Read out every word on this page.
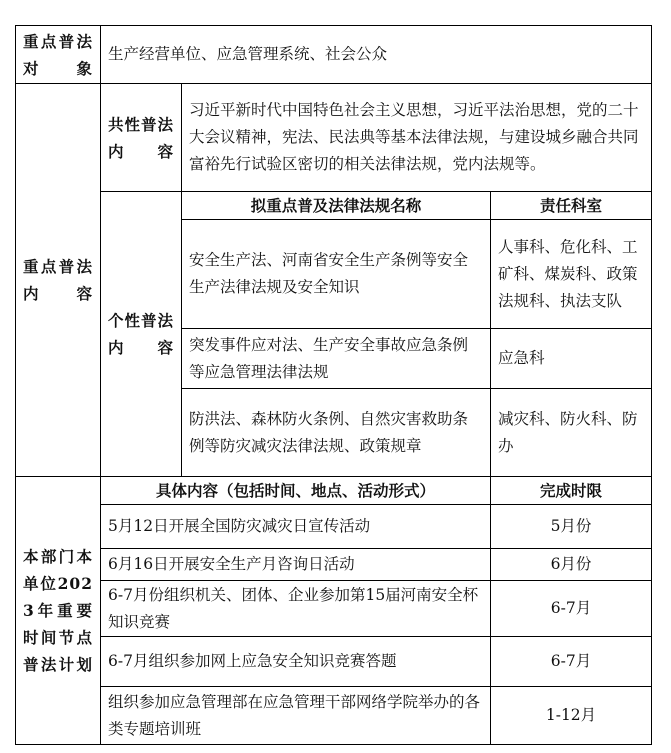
重点普法对象	生产经营单位、应急管理系统、社会公众		
重点普法内容	共性普法内容	习近平新时代中国特色社会主义思想，习近平法治思想，党的二十大会议精神，宪法、民法典等基本法律法规，与建设城乡融合共同富裕先行试验区密切的相关法律法规，党内法规等。	
	个性普法内容	拟重点普及法律法规名称	责任科室
		安全生产法、河南省安全生产条例等安全生产法律法规及安全知识	人事科、危化科、工矿科、煤炭科、政策法规科、执法支队
		突发事件应对法、生产安全事故应急条例等应急管理法律法规	应急科
		防洪法、森林防火条例、自然灾害救助条例等防灾减灾法律法规、政策规章	减灾科、防火科、防办
本部门本单位2023年重要时间节点普法计划	具体内容（包括时间、地点、活动形式）		完成时限
	5月12日开展全国防灾减灾日宣传活动		5月份
	6月16日开展安全生产月咨询日活动		6月份
	6-7月份组织机关、团体、企业参加第15届河南安全杯知识竞赛		6-7月
	6-7月组织参加网上应急安全知识竞赛答题		6-7月
	组织参加应急管理部在应急管理干部网络学院举办的各类专题培训班		1-12月
